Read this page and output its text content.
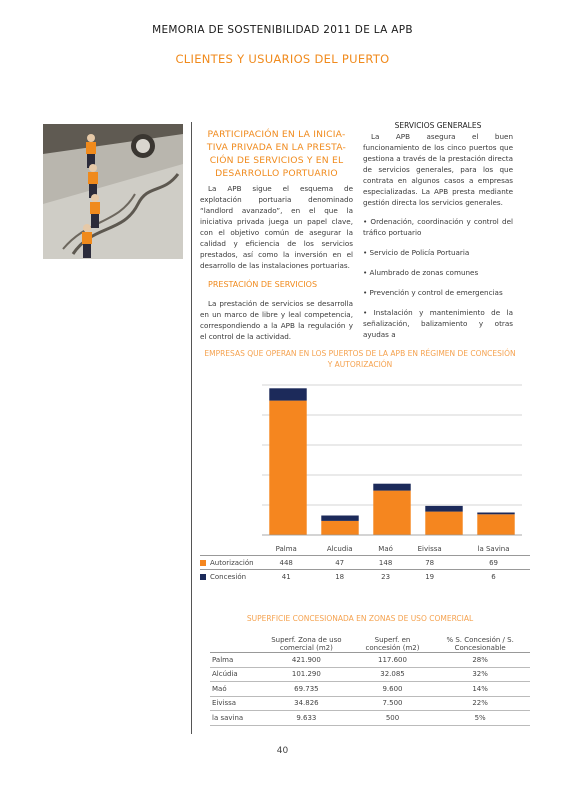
MEMORIA DE SOSTENIBILIDAD 2011 DE LA APB
CLIENTES Y USUARIOS DEL PUERTO
PARTICIPACIÓN EN LA INICIA-
TIVA PRIVADA EN LA PRESTA-
CIÓN DE SERVICIOS Y EN EL
DESARROLLO PORTUARIO
La APB sigue el esquema de explotación portuaria denominado “landlord avanzado”, en el que la iniciativa privada juega un papel clave, con el objetivo común de asegurar la calidad y eficiencia de los servicios prestados, así como la inversión en el desarrollo de las instalaciones portuarias.
PRESTACIÓN DE SERVICIOS
La prestación de servicios se desarrolla en un marco de libre y leal competencia, correspondiendo a la APB la regulación y el control de la actividad.
SERVICIOS GENERALES
La APB asegura el buen funcionamiento de los cinco puertos que gestiona a través de la prestación directa de servicios generales, para los que contrata en algunos casos a empresas especializadas. La APB presta mediante gestión directa los servicios generales.
• Ordenación, coordinación y control del tráfico portuario
• Servicio de Policía Portuaria
• Alumbrado de zonas comunes
• Prevención y control de emergencias
• Instalación y mantenimiento de la señalización, balizamiento y otras ayudas a
EMPRESAS QUE OPERAN EN LOS PUERTOS DE LA APB EN RÉGIMEN DE CONCESIÓN
Y AUTORIZACIÓN
	Palma	Alcudia	Maó	Eivissa	la Savina
Autorización	448	47	148	78	69
Concesión	41	18	23	19	6
SUPERFICIE CONCESIONADA EN ZONAS DE USO COMERCIAL
	Superf. Zona de uso comercial (m2)	Superf. en concesión (m2)	% S. Concesión / S. Concesionable
Palma	421.900	117.600	28%
Alcúdia	101.290	32.085	32%
Maó	69.735	9.600	14%
Eivissa	34.826	7.500	22%
la savina	9.633	500	5%
40
